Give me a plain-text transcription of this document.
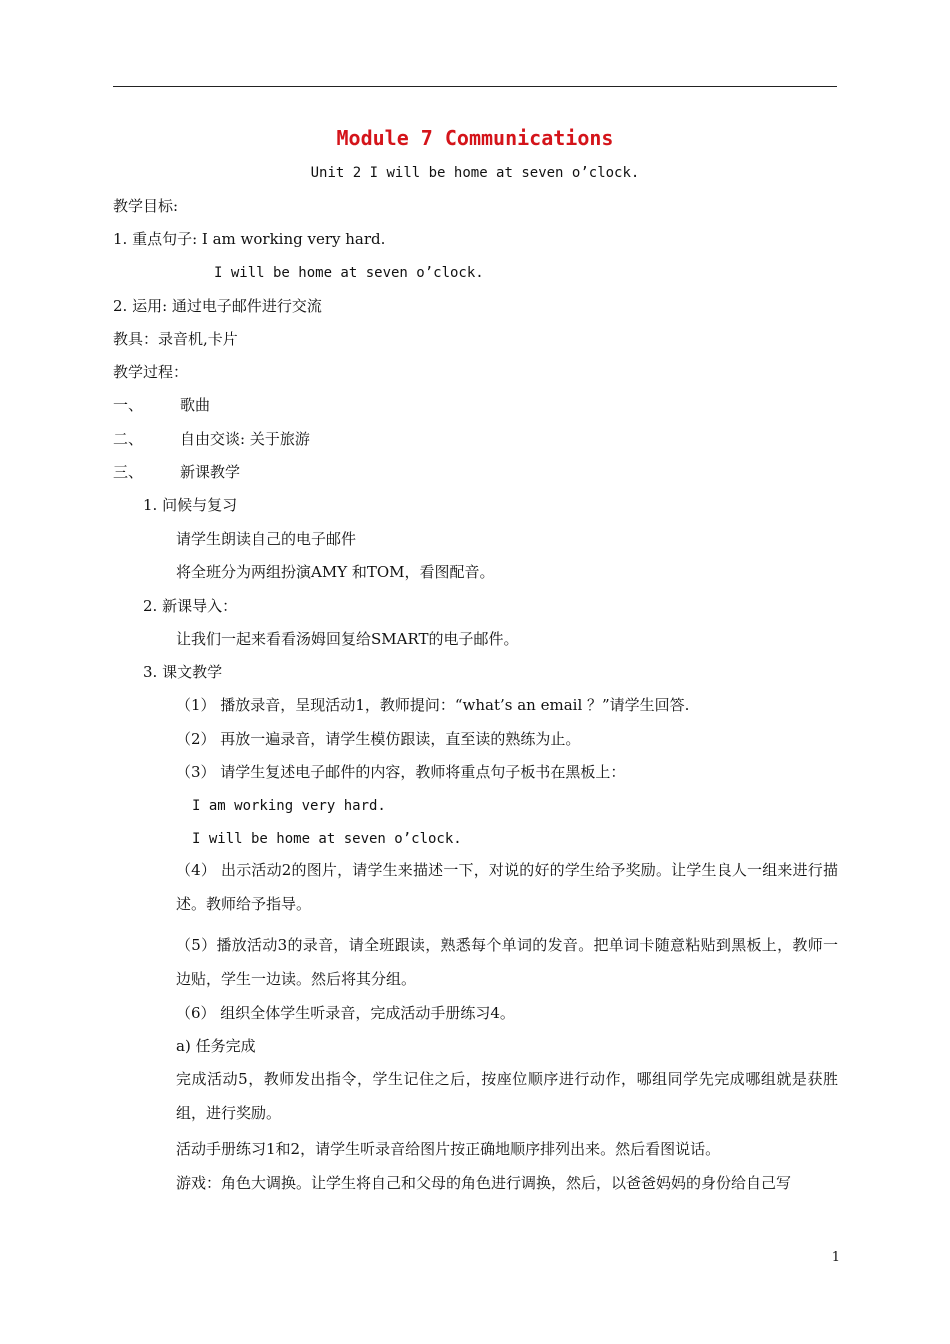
Module 7 Communications
Unit 2 I will be home at seven o’clock.
教学目标:
1. 重点句子: I am working very hard.
I will be home at seven o’clock.
2. 运用: 通过电子邮件进行交流
教具：录音机,卡片
教学过程：
一、 歌曲
二、 自由交谈: 关于旅游
三、 新课教学
1. 问候与复习
请学生朗读自己的电子邮件
将全班分为两组扮演AMY 和TOM，看图配音。
2. 新课导入：
让我们一起来看看汤姆回复给SMART的电子邮件。
3. 课文教学
（1） 播放录音，呈现活动1，教师提问：“what’s an email ？”请学生回答.
（2） 再放一遍录音，请学生模仿跟读，直至读的熟练为止。
（3） 请学生复述电子邮件的内容，教师将重点句子板书在黑板上：
I am working very hard.
I will be home at seven o’clock.
（4） 出示活动2的图片，请学生来描述一下，对说的好的学生给予奖励。让学生良人一组来进行描述。教师给予指导。
（5）播放活动3的录音，请全班跟读，熟悉每个单词的发音。把单词卡随意粘贴到黑板上，教师一边贴，学生一边读。然后将其分组。
（6） 组织全体学生听录音，完成活动手册练习4。
a) 任务完成
完成活动5，教师发出指令，学生记住之后，按座位顺序进行动作，哪组同学先完成哪组就是获胜组，进行奖励。
活动手册练习1和2，请学生听录音给图片按正确地顺序排列出来。然后看图说话。
游戏：角色大调换。让学生将自己和父母的角色进行调换，然后，以爸爸妈妈的身份给自己写
1
